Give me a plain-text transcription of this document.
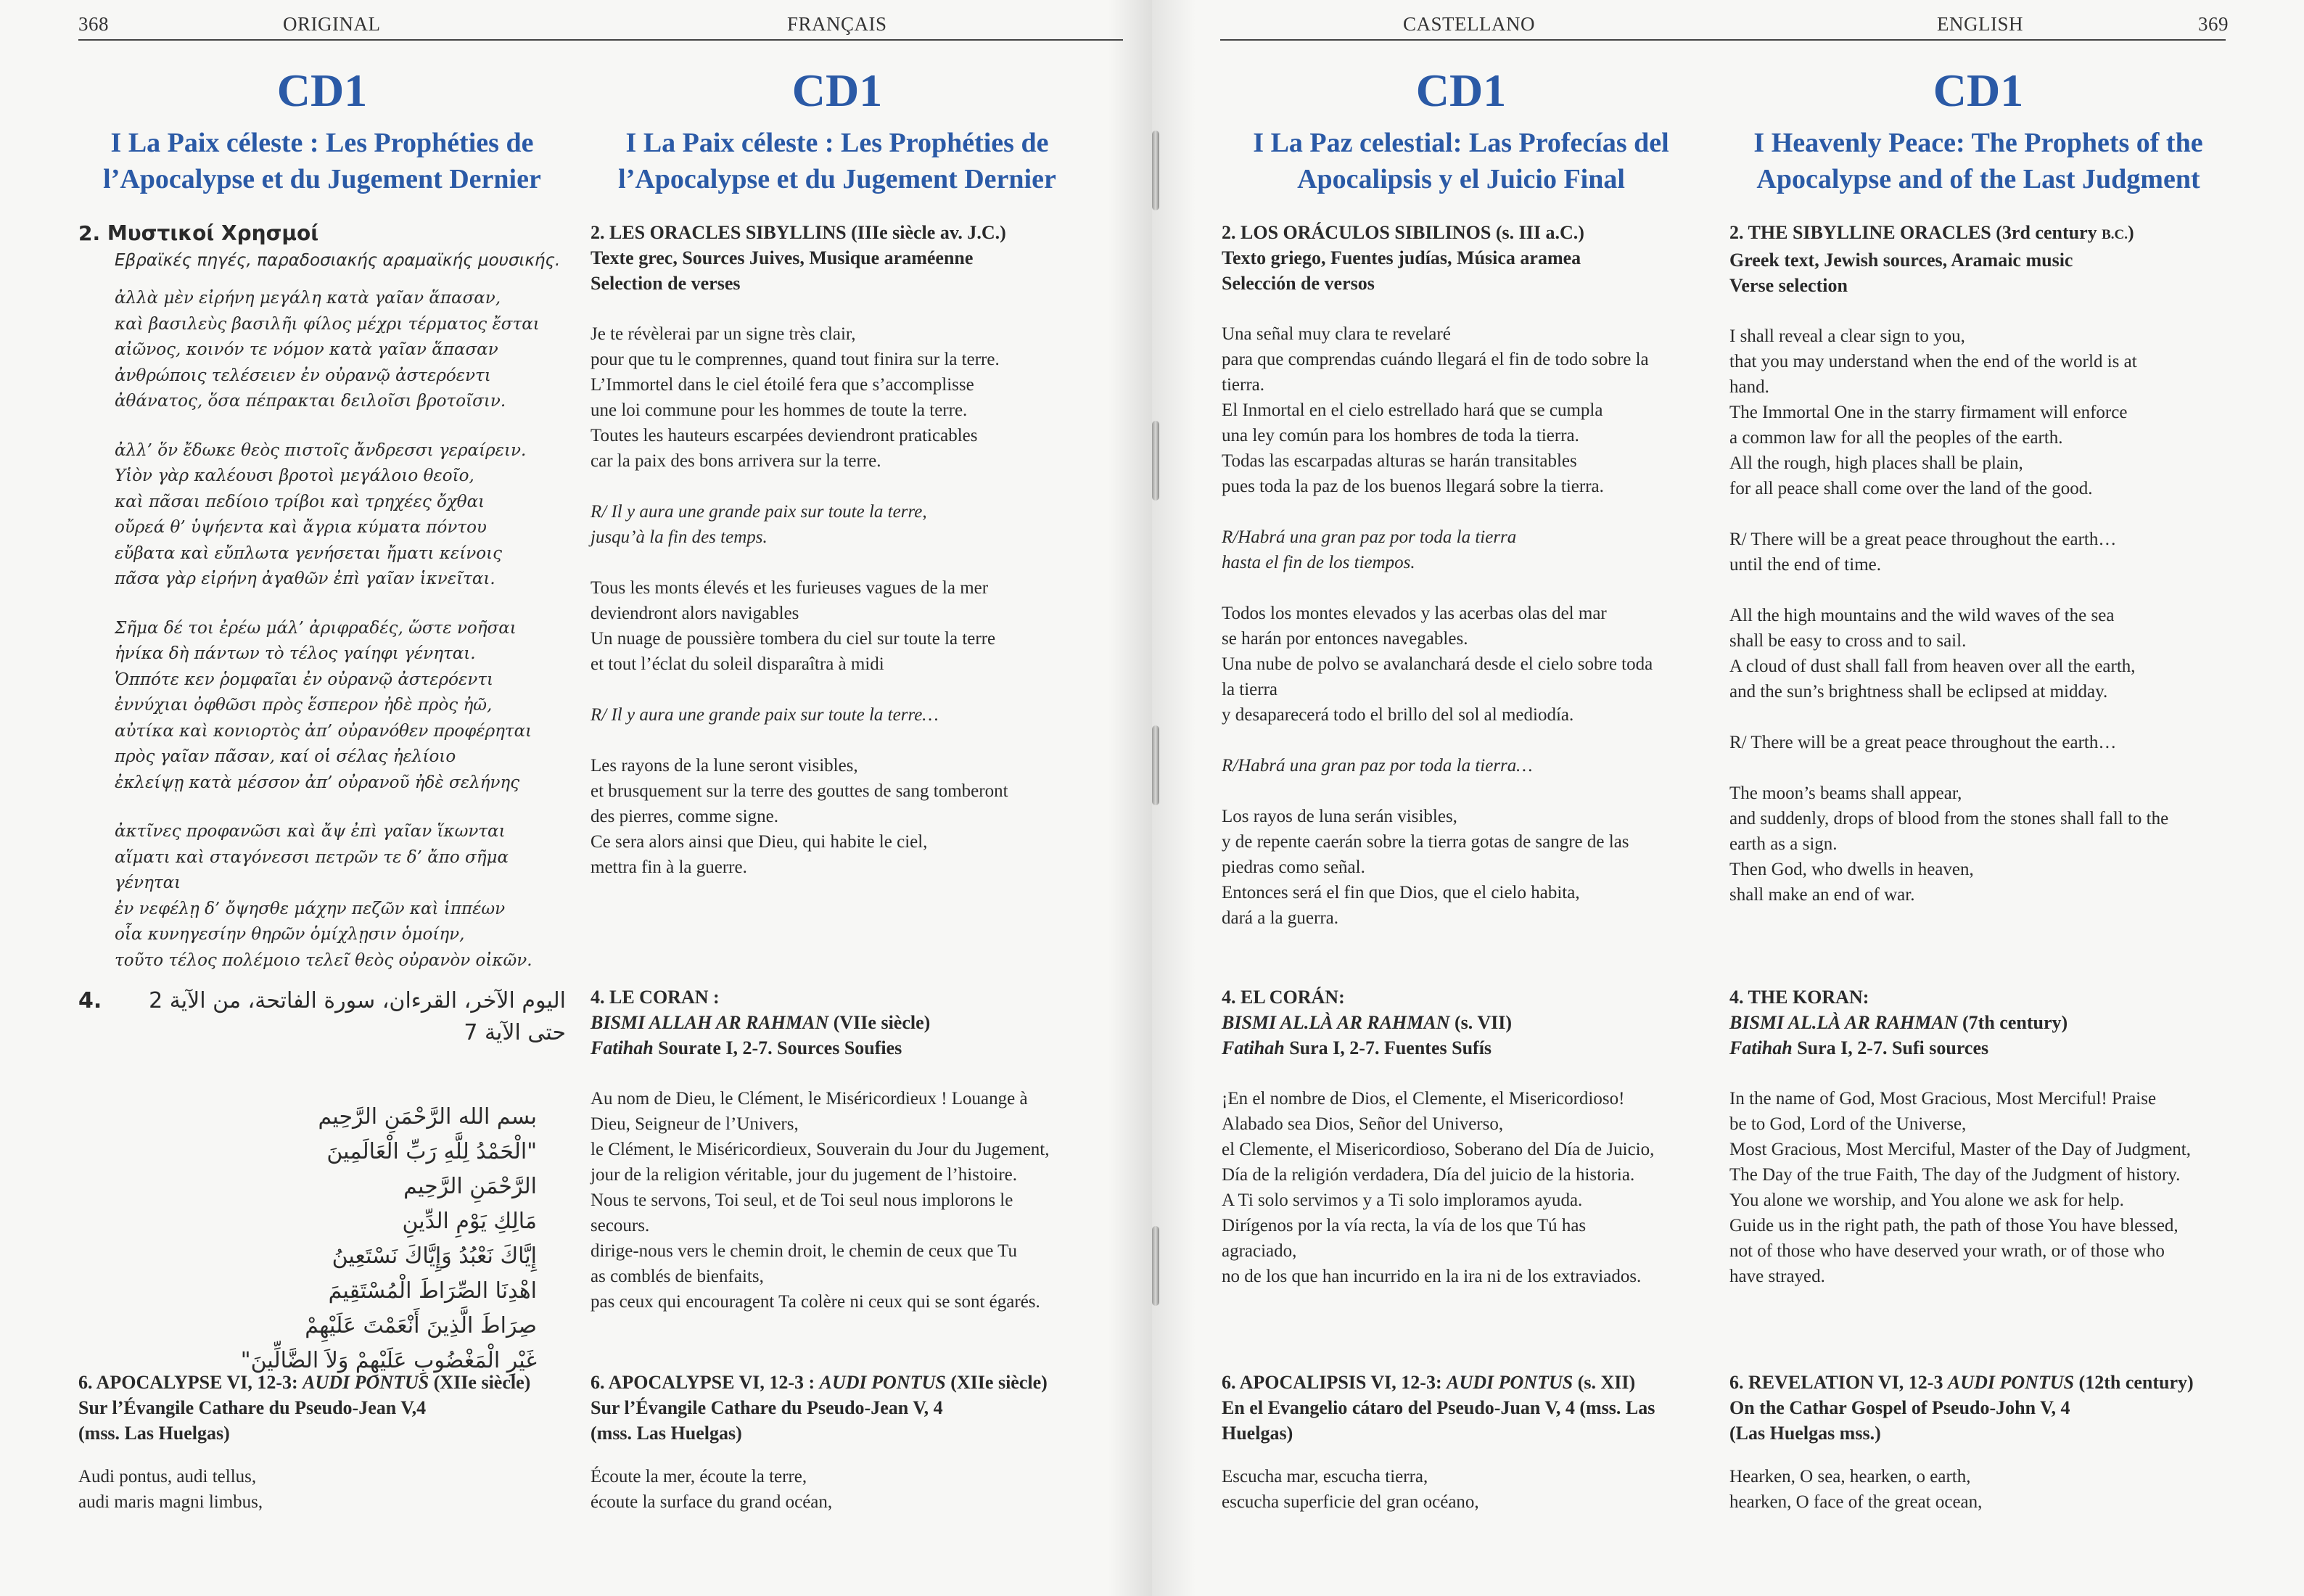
368	ORIGINAL	FRANÇAIS
CD1
I La Paix céleste : Les Prophéties de l’Apocalypse et du Jugement Dernier
2. Μυστικοί Χρησμοί
Εβραϊκές πηγές, παραδοσιακής αραμαϊκής μουσικής.

ἀλλὰ μὲν εἰρήνη μεγάλη κατὰ γαῖαν ἅπασαν,
καὶ βασιλεὺς βασιλῆι φίλος μέχρι τέρματος ἔσται
αἰῶνος, κοινόν τε νόμον κατὰ γαῖαν ἅπασαν
ἀνθρώποις τελέσειεν ἐν οὐρανῷ ἀστερόεντι
ἀθάνατος, ὅσα πέπρακται δειλοῖσι βροτοῖσιν.

ἀλλ’ ὅν ἔδωκε θεὸς πιστοῖς ἄνδρεσσι γεραίρειν.
Υἱὸν γὰρ καλέουσι βροτοὶ μεγάλοιο θεοῖο,
καὶ πᾶσαι πεδίοιο τρίβοι καὶ τρηχέες ὄχθαι
οὔρεά θ’ ὑψήεντα καὶ ἄγρια κύματα πόντου
εὔβατα καὶ εὔπλωτα γενήσεται ἤματι κείνοις
πᾶσα γὰρ εἰρήνη ἀγαθῶν ἐπὶ γαῖαν ἱκνεῖται.

Σῆμα δέ τοι ἐρέω μάλ’ ἀριφραδές, ὥστε νοῆσαι
ἡνίκα δὴ πάντων τὸ τέλος γαίηφι γένηται.
Ὁππότε κεν ῥομφαῖαι ἐν οὐρανῷ ἀστερόεντι
ἐννύχιαι ὀφθῶσι πρὸς ἕσπερον ἠδὲ πρὸς ἠῶ,
αὐτίκα καὶ κονιορτὸς ἀπ’ οὐρανόθεν προφέρηται
πρὸς γαῖαν πᾶσαν, καί οἱ σέλας ἠελίοιο
ἐκλείψῃ κατὰ μέσσον ἀπ’ οὐρανοῦ ἠδὲ σελήνης

ἀκτῖνες προφανῶσι καὶ ἄψ ἐπὶ γαῖαν ἵκωνται
αἵματι καὶ σταγόνεσσι πετρῶν τε δ’ ἄπο σῆμα γένηται
ἐν νεφέλῃ δ’ ὄψησθε μάχην πεζῶν καὶ ἱππέων
οἷα κυνηγεσίην θηρῶν ὁμίχλῃσιν ὁμοίην,
τοῦτο τέλος πολέμοιο τελεῖ θεὸς οὐρανὸν οἰκῶν.

4.	اليوم الآخر، القرءان، سورة الفاتحة، من الآية 2 حتى الآية 7

بسم الله الرَّحْمَنِ الرَّحِيم
"الْحَمْدُ لِلَّهِ رَبِّ الْعَالَمِينَ
الرَّحْمَنِ الرَّحِيم
مَالِكِ يَوْمِ الدِّينِ
إِيَّاكَ نَعْبُدُ وَإِيَّاكَ نَسْتَعِينُ
اهْدِنَا الصِّرَاطَ الْمُسْتَقِيمَ
صِرَاطَ الَّذِينَ أَنْعَمْتَ عَلَيْهِمْ
غَيْرِ الْمَغْضُوبِ عَلَيْهِمْ وَلاَ الضَّالِّينَ"

6. APOCALYPSE VI, 12-3: AUDI PONTUS (XIIe siècle)

Sur l’Évangile Cathare du Pseudo-Jean V,4

(mss. Las Huelgas)

Audi pontus, audi tellus,
audi maris magni limbus,

CD1
I La Paix céleste : Les Prophéties de l’Apocalypse et du Jugement Dernier

2. LES ORACLES SIBYLLINS (IIIe siècle av. J.C.)
Texte grec, Sources Juives, Musique araméenne
Selection de verses

Je te révèlerai par un signe très clair,
pour que tu le comprennes, quand tout finira sur la terre.
L’Immortel dans le ciel étoilé fera que s’accomplisse
une loi commune pour les hommes de toute la terre.
Toutes les hauteurs escarpées deviendront praticables
car la paix des bons arrivera sur la terre.

R/ Il y aura une grande paix sur toute la terre,
jusqu’à la fin des temps.

Tous les monts élevés et les furieuses vagues de la mer
deviendront alors navigables
Un nuage de poussière tombera du ciel sur toute la terre
et tout l’éclat du soleil disparaîtra à midi

R/ Il y aura une grande paix sur toute la terre…

Les rayons de la lune seront visibles,
et brusquement sur la terre des gouttes de sang tomberont
des pierres, comme signe.
Ce sera alors ainsi que Dieu, qui habite le ciel,
mettra fin à la guerre.

4. LE CORAN :

BISMI ALLAH AR RAHMAN (VIIe siècle)

Fatihah Sourate I, 2-7. Sources Soufies

Au nom de Dieu, le Clément, le Miséricordieux ! Louange à
Dieu, Seigneur de l’Univers,
le Clément, le Miséricordieux, Souverain du Jour du Jugement,
jour de la religion véritable, jour du jugement de l’histoire.
Nous te servons, Toi seul, et de Toi seul nous implorons le
secours.
dirige-nous vers le chemin droit, le chemin de ceux que Tu
as comblés de bienfaits,
pas ceux qui encouragent Ta colère ni ceux qui se sont égarés.

6. APOCALYPSE VI, 12-3 : AUDI PONTUS (XIIe siècle)

Sur l’Évangile Cathare du Pseudo-Jean V, 4

(mss. Las Huelgas)

Écoute la mer, écoute la terre,
écoute la surface du grand océan,

CASTELLANO	ENGLISH	369
CD1
I La Paz celestial: Las Profecías del Apocalipsis y el Juicio Final

2. LOS ORÁCULOS SIBILINOS (s. III a.C.)
Texto griego, Fuentes judías, Música aramea
Selección de versos

Una señal muy clara te revelaré
para que comprendas cuándo llegará el fin de todo sobre la
tierra.
El Inmortal en el cielo estrellado hará que se cumpla
una ley común para los hombres de toda la tierra.
Todas las escarpadas alturas se harán transitables
pues toda la paz de los buenos llegará sobre la tierra.

R/Habrá una gran paz por toda la tierra
hasta el fin de los tiempos.

Todos los montes elevados y las acerbas olas del mar
se harán por entonces navegables.
Una nube de polvo se avalanchará desde el cielo sobre toda
la tierra
y desaparecerá todo el brillo del sol al mediodía.

R/Habrá una gran paz por toda la tierra…

Los rayos de luna serán visibles,
y de repente caerán sobre la tierra gotas de sangre de las
piedras como señal.
Entonces será el fin que Dios, que el cielo habita,
dará a la guerra.

4. EL CORÁN:

BISMI AL.LÀ AR RAHMAN (s. VII)

Fatihah Sura I, 2-7. Fuentes Sufís

¡En el nombre de Dios, el Clemente, el Misericordioso!
Alabado sea Dios, Señor del Universo,
el Clemente, el Misericordioso, Soberano del Día de Juicio,
Día de la religión verdadera, Día del juicio de la historia.
A Ti solo servimos y a Ti solo imploramos ayuda.
Dirígenos por la vía recta, la vía de los que Tú has
agraciado,
no de los que han incurrido en la ira ni de los extraviados.

6. APOCALIPSIS VI, 12-3: AUDI PONTUS (s. XII)

En el Evangelio cátaro del Pseudo-Juan V, 4 (mss. Las
Huelgas)

Escucha mar, escucha tierra,
escucha superficie del gran océano,

CD1
I Heavenly Peace: The Prophets of the Apocalypse and of the Last Judgment

2. THE SIBYLLINE ORACLES (3rd century B.C.)

Greek text, Jewish sources, Aramaic music
Verse selection

I shall reveal a clear sign to you,
that you may understand when the end of the world is at
hand.
The Immortal One in the starry firmament will enforce
a common law for all the peoples of the earth.
All the rough, high places shall be plain,
for all peace shall come over the land of the good.

R/ There will be a great peace throughout the earth…
until the end of time.

All the high mountains and the wild waves of the sea
shall be easy to cross and to sail.
A cloud of dust shall fall from heaven over all the earth,
and the sun’s brightness shall be eclipsed at midday.

R/ There will be a great peace throughout the earth…

The moon’s beams shall appear,
and suddenly, drops of blood from the stones shall fall to the
earth as a sign.
Then God, who dwells in heaven,
shall make an end of war.

4. THE KORAN:

BISMI AL.LÀ AR RAHMAN (7th century)

Fatihah Sura I, 2-7. Sufi sources

In the name of God, Most Gracious, Most Merciful! Praise
be to God, Lord of the Universe,
Most Gracious, Most Merciful, Master of the Day of Judgment,
The Day of the true Faith, The day of the Judgment of history.
You alone we worship, and You alone we ask for help.
Guide us in the right path, the path of those You have blessed,
not of those who have deserved your wrath, or of those who
have strayed.

6. REVELATION VI, 12-3 AUDI PONTUS (12th century)

On the Cathar Gospel of Pseudo-John V, 4

(Las Huelgas mss.)

Hearken, O sea, hearken, o earth,
hearken, O face of the great ocean,
